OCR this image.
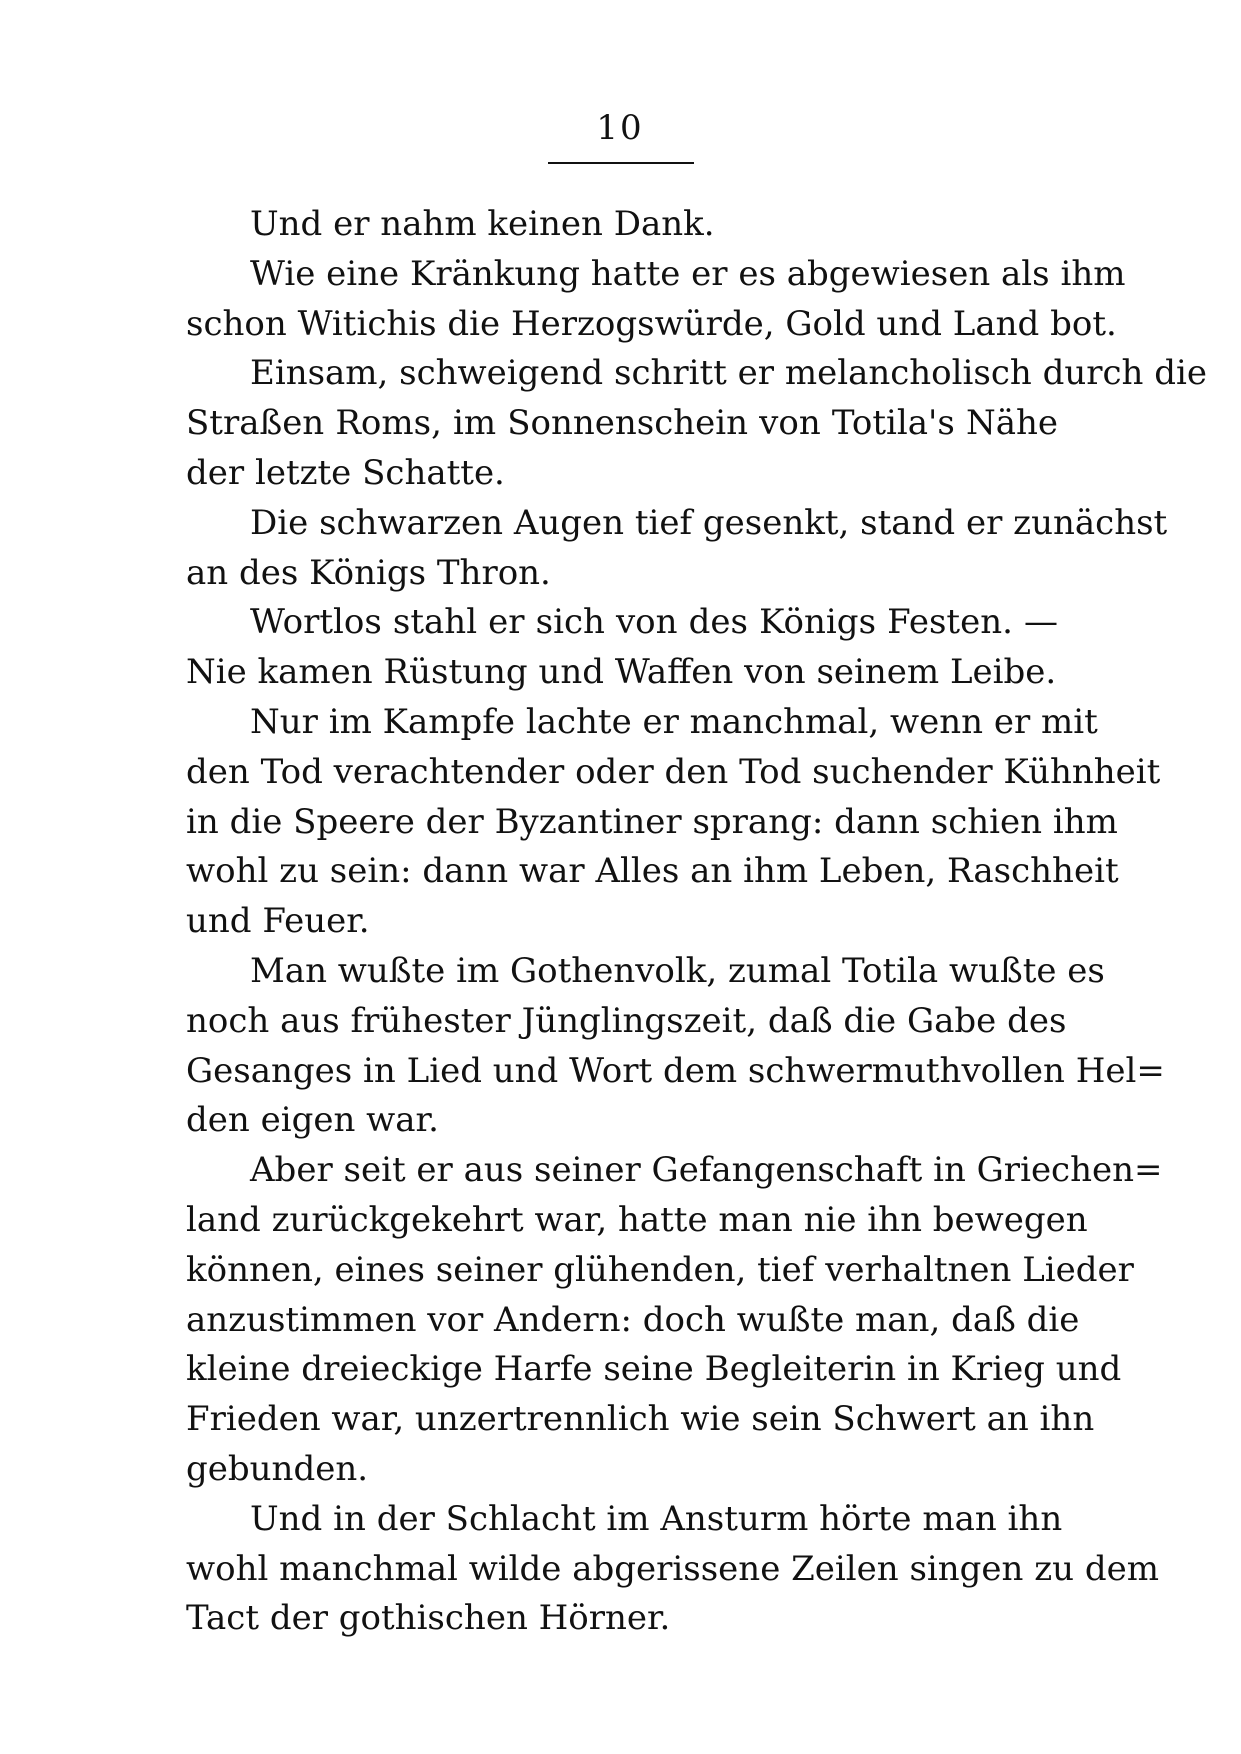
10
Und er nahm keinen Dank.
Wie eine Kränkung hatte er es abgewiesen als ihm
schon Witichis die Herzogswürde, Gold und Land bot.
Einsam, schweigend schritt er melancholisch durch die
Straßen Roms, im Sonnenschein von Totila's Nähe
der letzte Schatte.
Die schwarzen Augen tief gesenkt, stand er zunächst
an des Königs Thron.
Wortlos stahl er sich von des Königs Festen. —
Nie kamen Rüstung und Waffen von seinem Leibe.
Nur im Kampfe lachte er manchmal, wenn er mit
den Tod verachtender oder den Tod suchender Kühnheit
in die Speere der Byzantiner sprang: dann schien ihm
wohl zu sein: dann war Alles an ihm Leben, Raschheit
und Feuer.
Man wußte im Gothenvolk, zumal Totila wußte es
noch aus frühester Jünglingszeit, daß die Gabe des
Gesanges in Lied und Wort dem schwermuthvollen Hel=
den eigen war.
Aber seit er aus seiner Gefangenschaft in Griechen=
land zurückgekehrt war, hatte man nie ihn bewegen
können, eines seiner glühenden, tief verhaltnen Lieder
anzustimmen vor Andern: doch wußte man, daß die
kleine dreieckige Harfe seine Begleiterin in Krieg und
Frieden war, unzertrennlich wie sein Schwert an ihn
gebunden.
Und in der Schlacht im Ansturm hörte man ihn
wohl manchmal wilde abgerissene Zeilen singen zu dem
Tact der gothischen Hörner.
